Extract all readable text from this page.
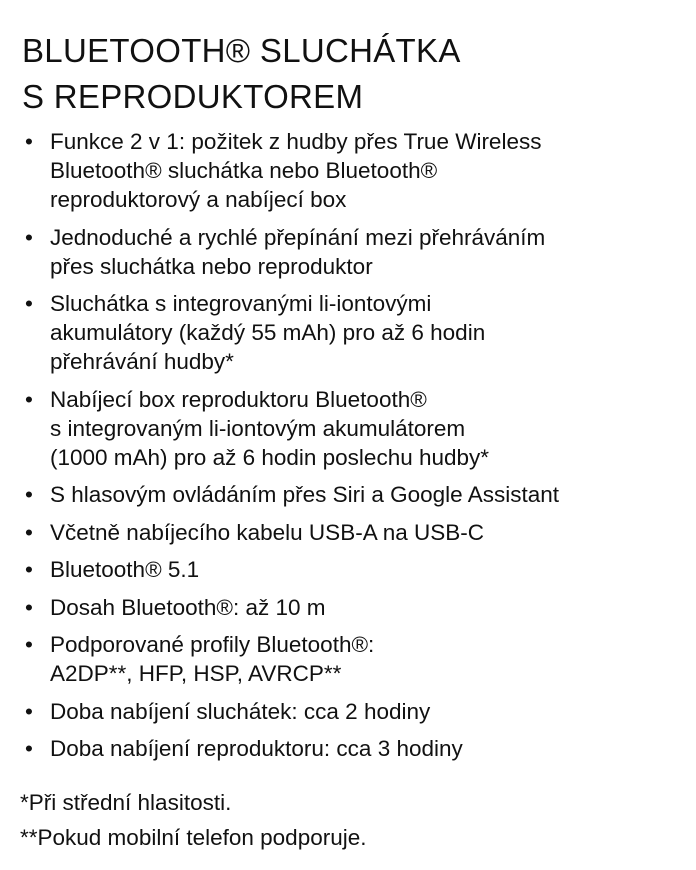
BLUETOOTH® SLUCHÁTKA
S REPRODUKTOREM
• Funkce 2 v 1: požitek z hudby přes True Wireless
Bluetooth® sluchátka nebo Bluetooth®
reproduktorový a nabíjecí box
• Jednoduché a rychlé přepínání mezi přehráváním
přes sluchátka nebo reproduktor
• Sluchátka s integrovanými li-iontovými
akumulátory (každý 55 mAh) pro až 6 hodin
přehrávání hudby*
• Nabíjecí box reproduktoru Bluetooth®
s integrovaným li-iontovým akumulátorem
(1000 mAh) pro až 6 hodin poslechu hudby*
• S hlasovým ovládáním přes Siri a Google Assistant
• Včetně nabíjecího kabelu USB-A na USB-C
• Bluetooth® 5.1
• Dosah Bluetooth®: až 10 m
• Podporované profily Bluetooth®:
A2DP**, HFP, HSP, AVRCP**
• Doba nabíjení sluchátek: cca 2 hodiny
• Doba nabíjení reproduktoru: cca 3 hodiny
*Při střední hlasitosti.
**Pokud mobilní telefon podporuje.
